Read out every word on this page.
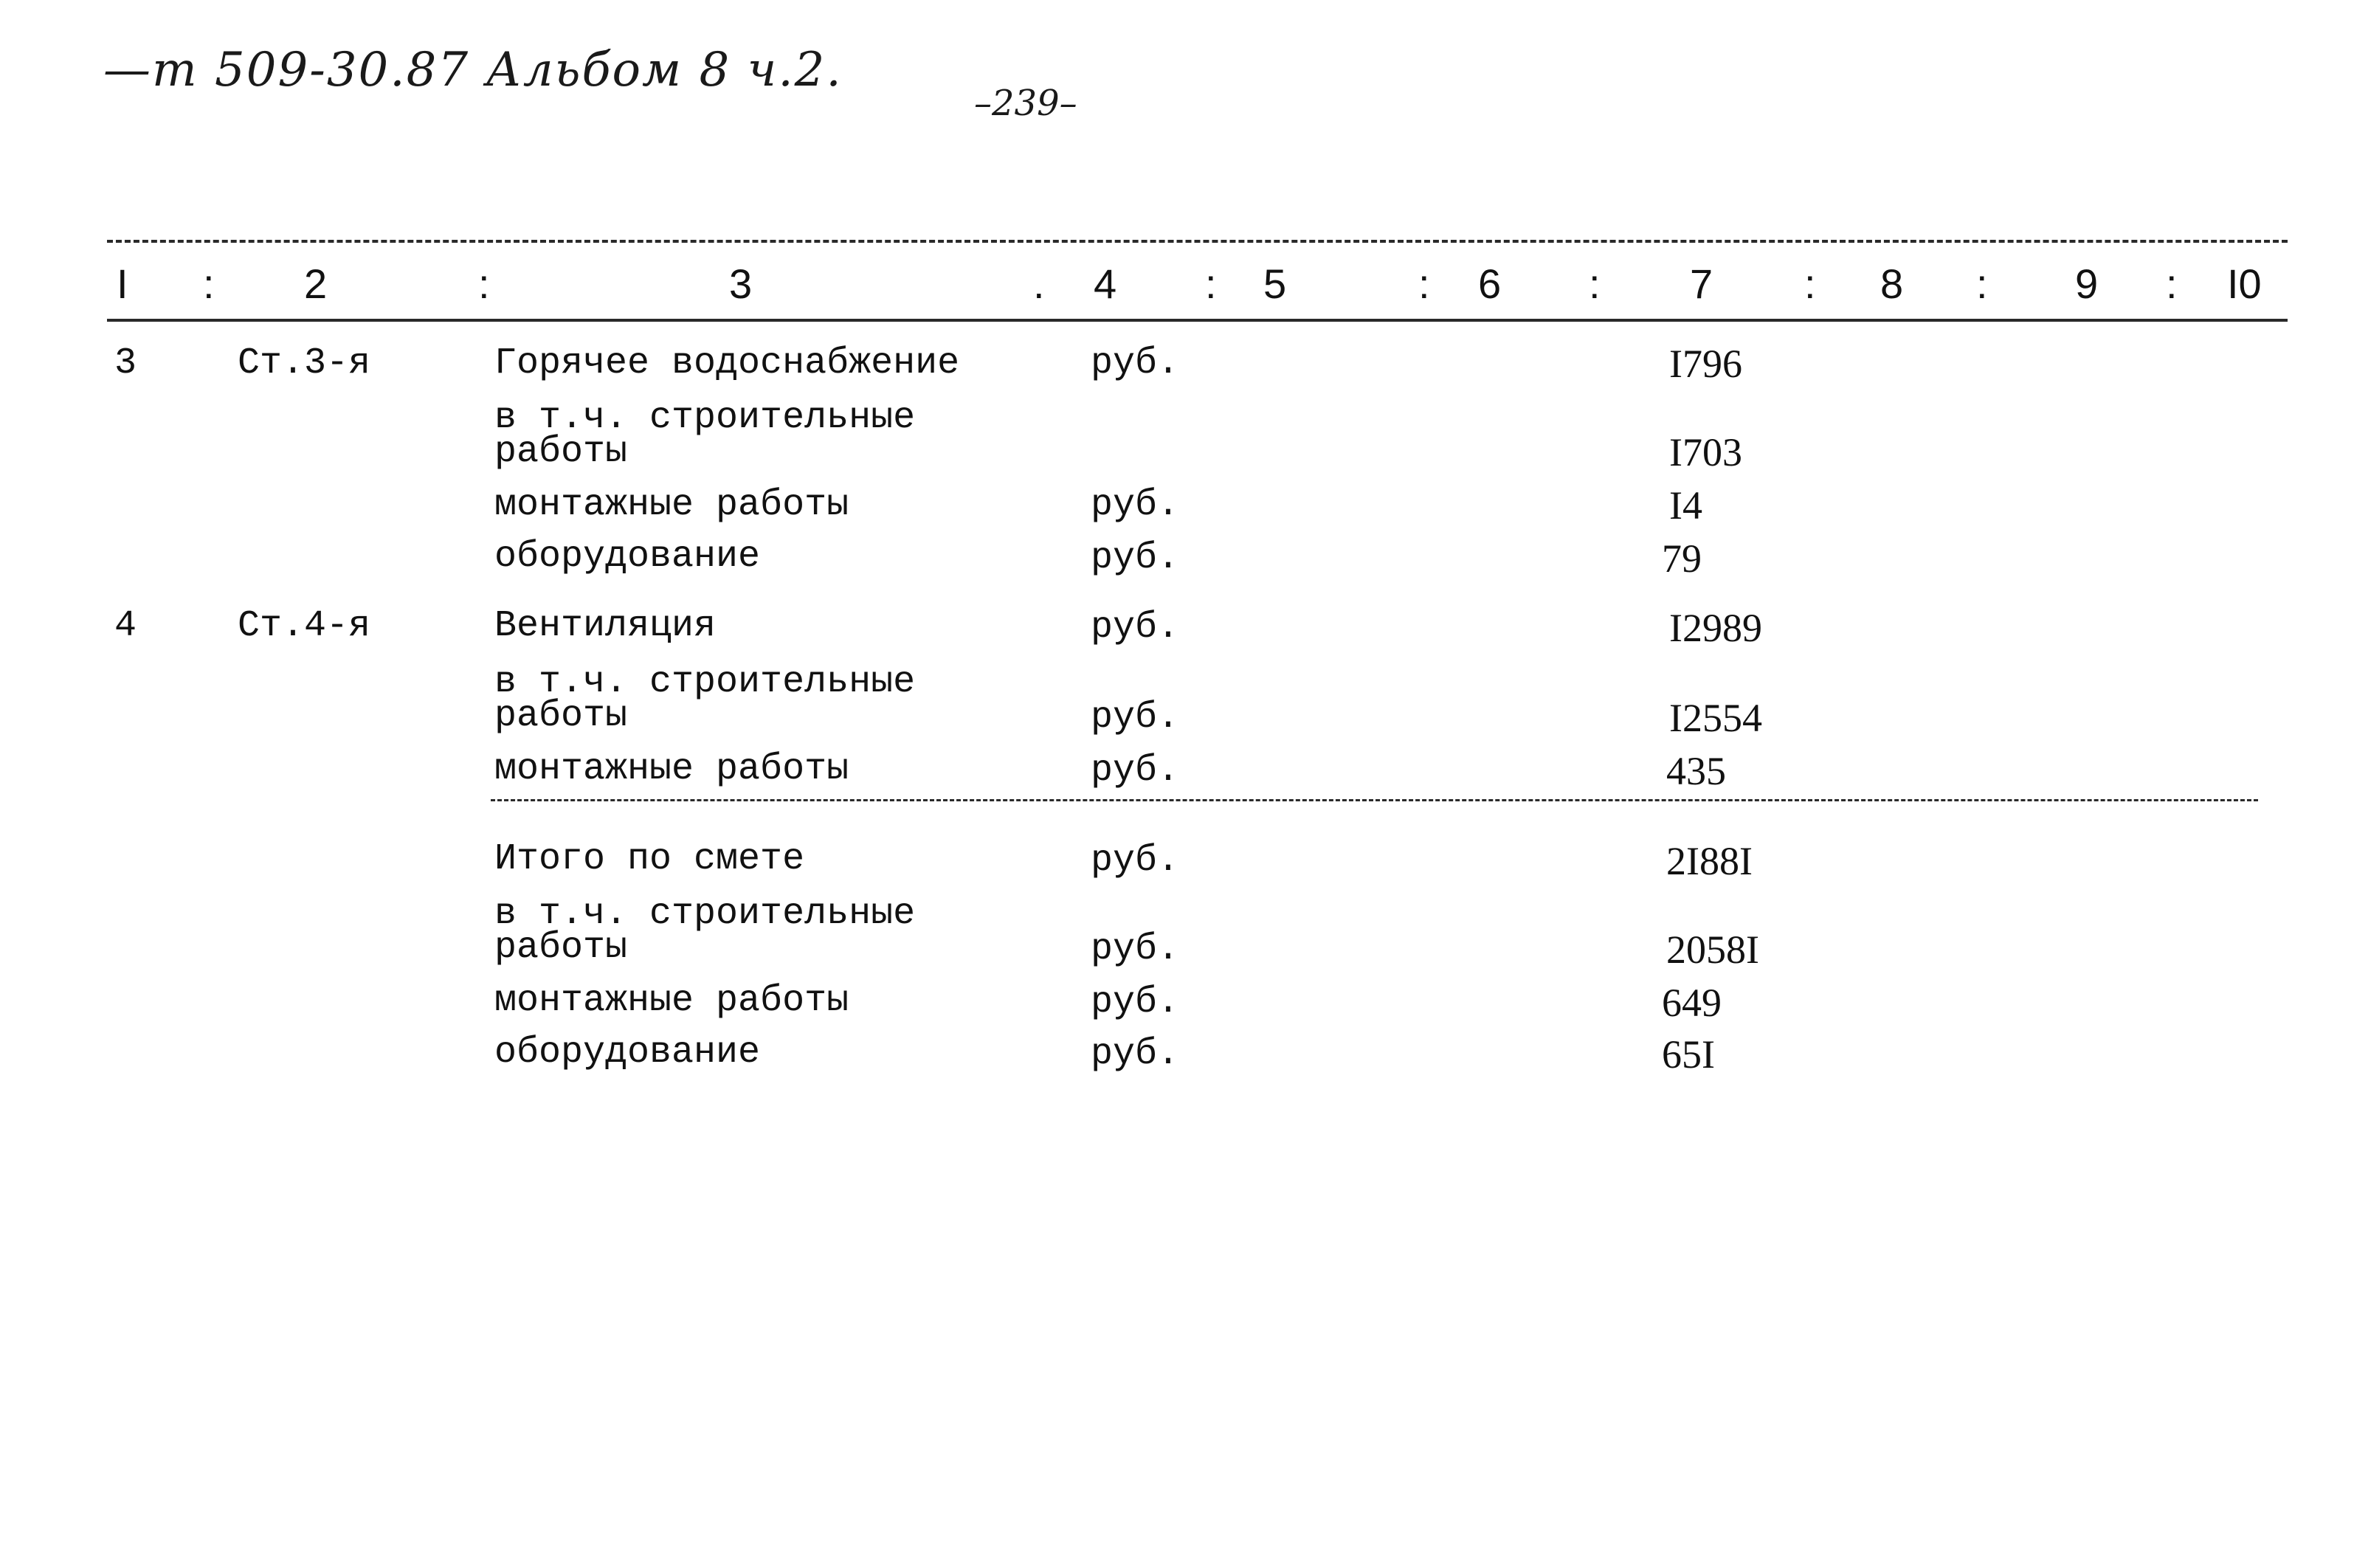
—т 509-30.87 Альбом 8 ч.2.
–239–
I : 2	:	3	. 4 : 5	: 6 : 7 : 8 : 9 : I0
3	Ст.3-я	Горячее водоснабжение	руб.	I796
в т.ч. строительные
работы	I703
монтажные работы	руб.	I4
оборудование	руб.	79
4	Ст.4-я	Вентиляция	руб.	I2989
в т.ч. строительные
работы	руб.	I2554
монтажные работы	руб.	435
Итого по смете	руб.	2I88I
в т.ч. строительные
работы	руб.	2058I
монтажные работы	руб.	649
оборудование	руб.	65I
